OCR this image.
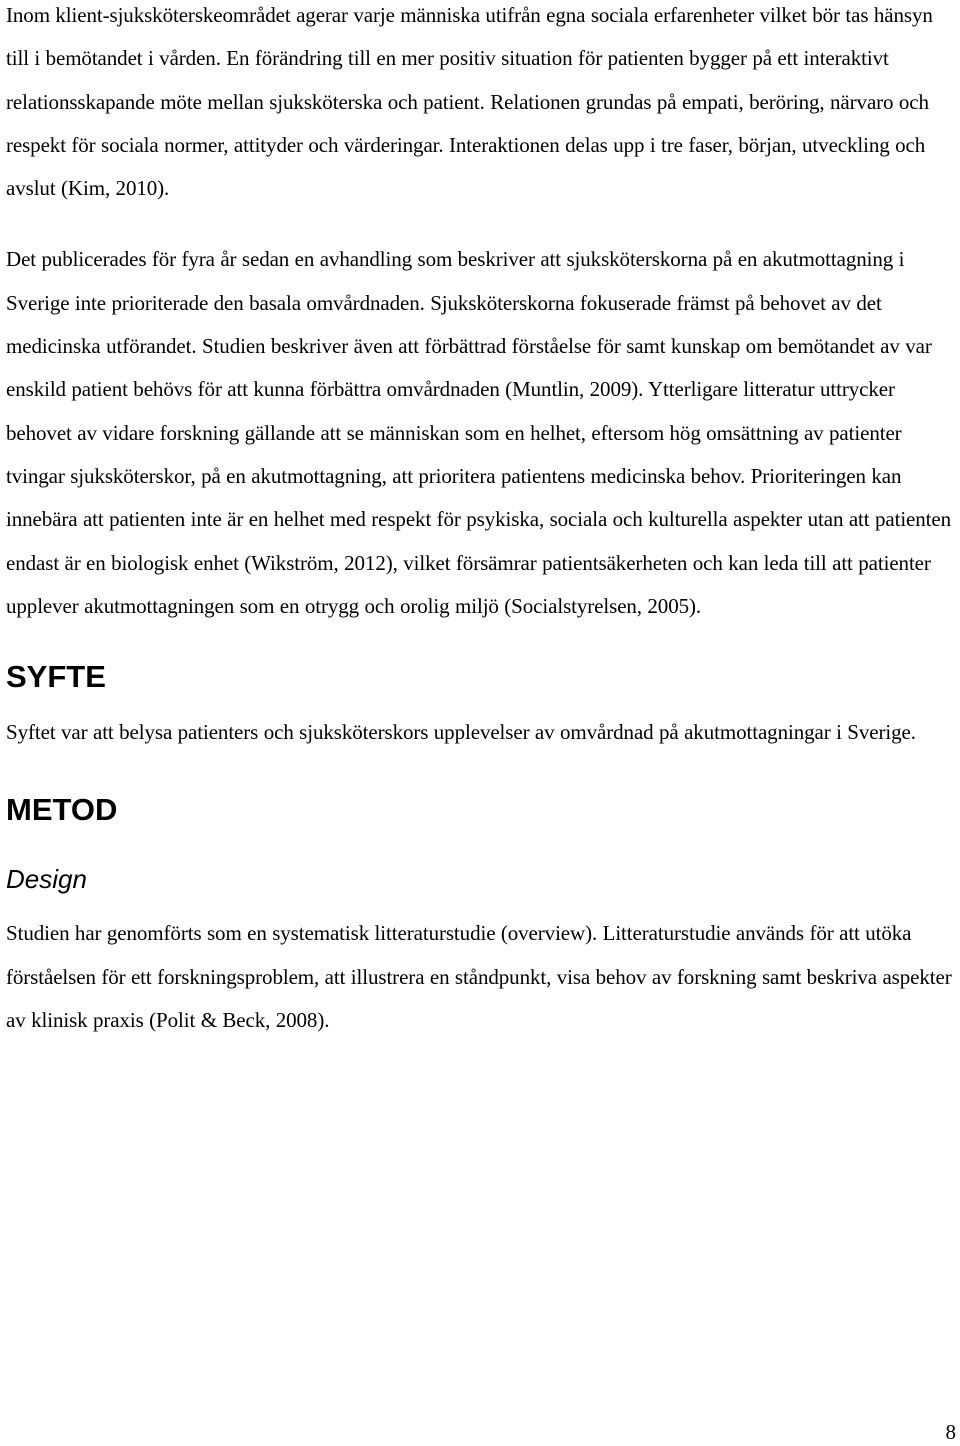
Inom klient-sjuksköterskeområdet agerar varje människa utifrån egna sociala erfarenheter vilket bör tas hänsyn till i bemötandet i vården. En förändring till en mer positiv situation för patienten bygger på ett interaktivt relationsskapande möte mellan sjuksköterska och patient. Relationen grundas på empati, beröring, närvaro och respekt för sociala normer, attityder och värderingar. Interaktionen delas upp i tre faser, början, utveckling och avslut (Kim, 2010).

Det publicerades för fyra år sedan en avhandling som beskriver att sjuksköterskorna på en akutmottagning i Sverige inte prioriterade den basala omvårdnaden. Sjuksköterskorna fokuserade främst på behovet av det medicinska utförandet. Studien beskriver även att förbättrad förståelse för samt kunskap om bemötandet av var enskild patient behövs för att kunna förbättra omvårdnaden (Muntlin, 2009). Ytterligare litteratur uttrycker behovet av vidare forskning gällande att se människan som en helhet, eftersom hög omsättning av patienter tvingar sjuksköterskor, på en akutmottagning, att prioritera patientens medicinska behov. Prioriteringen kan innebära att patienten inte är en helhet med respekt för psykiska, sociala och kulturella aspekter utan att patienten endast är en biologisk enhet (Wikström, 2012), vilket försämrar patientsäkerheten och kan leda till att patienter upplever akutmottagningen som en otrygg och orolig miljö (Socialstyrelsen, 2005).

SYFTE

Syftet var att belysa patienters och sjuksköterskors upplevelser av omvårdnad på akutmottagningar i Sverige.

METOD
Design

Studien har genomförts som en systematisk litteraturstudie (overview). Litteraturstudie används för att utöka förståelsen för ett forskningsproblem, att illustrera en ståndpunkt, visa behov av forskning samt beskriva aspekter av klinisk praxis (Polit & Beck, 2008).

8
